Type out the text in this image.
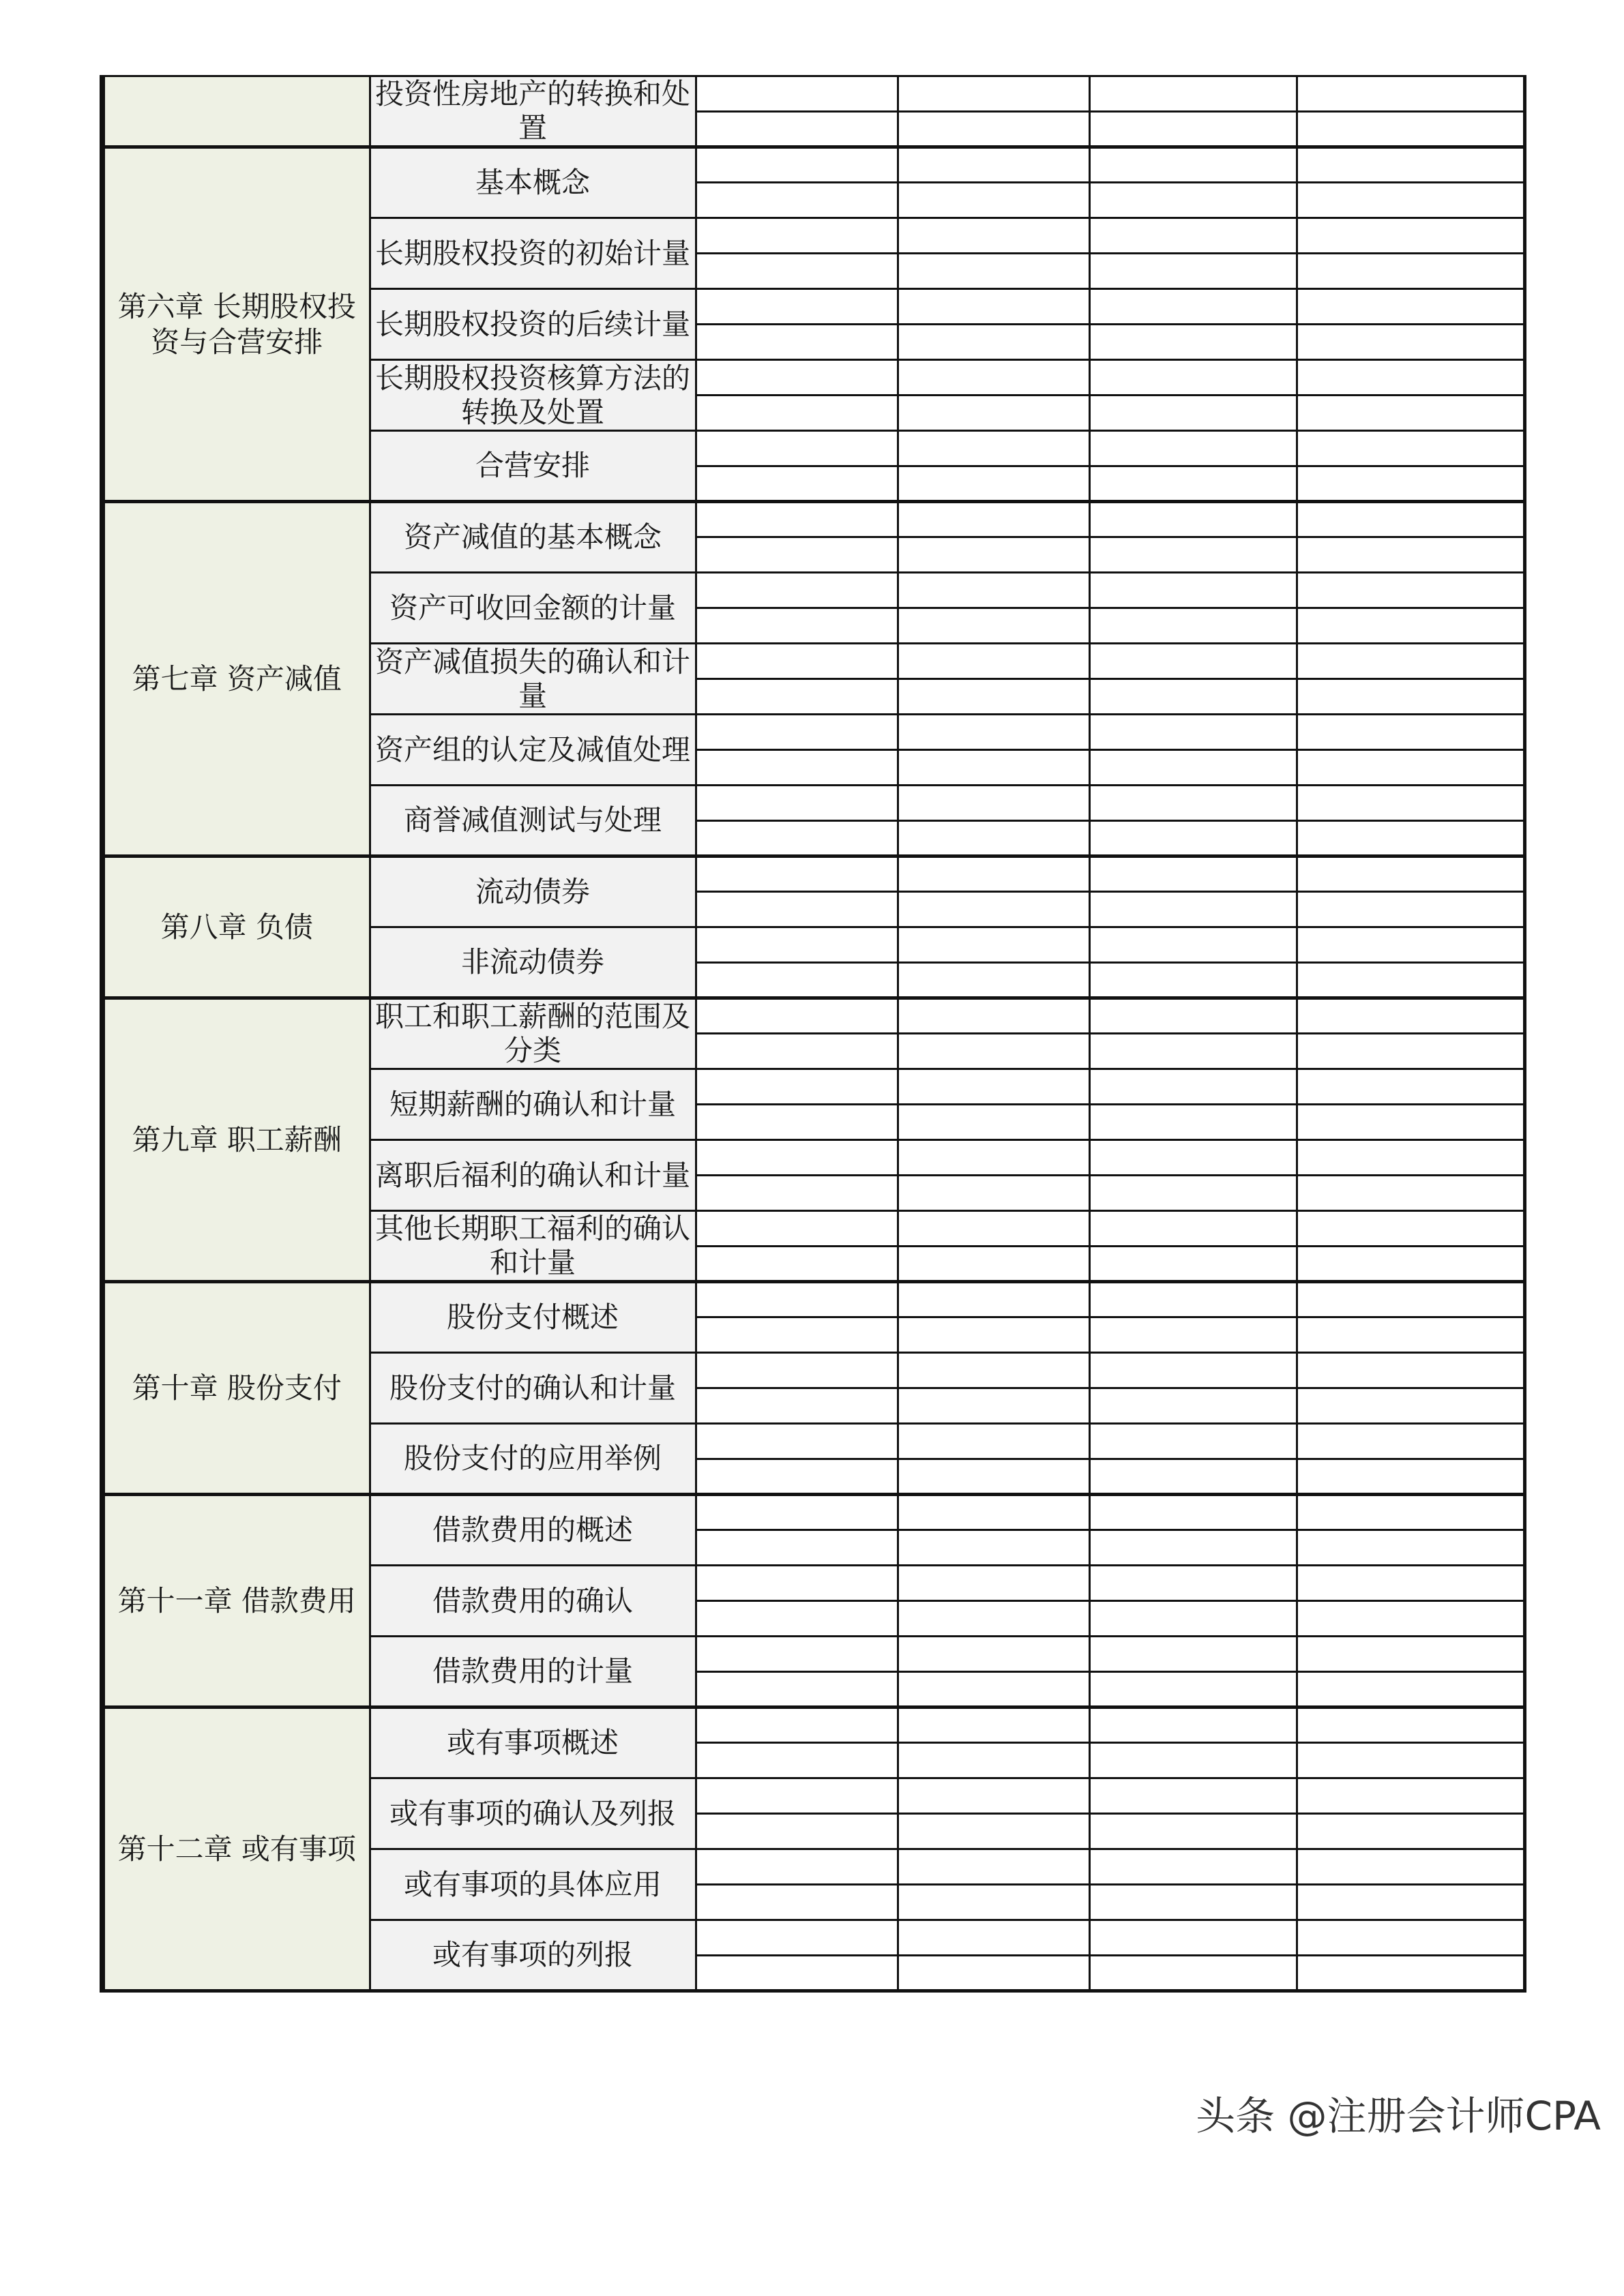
	投资性房地产的转换和处置				

第六章 长期股权投资与合营安排	基本概念				

	长期股权投资的初始计量				

	长期股权投资的后续计量				

	长期股权投资核算方法的转换及处置				

	合营安排				

第七章 资产减值	资产减值的基本概念				

	资产可收回金额的计量				

	资产减值损失的确认和计量				

	资产组的认定及减值处理				

	商誉减值测试与处理				

第八章 负债	流动债券				

	非流动债券				

第九章 职工薪酬	职工和职工薪酬的范围及分类				

	短期薪酬的确认和计量				

	离职后福利的确认和计量				

	其他长期职工福利的确认和计量				

第十章 股份支付	股份支付概述				

	股份支付的确认和计量				

	股份支付的应用举例				

第十一章 借款费用	借款费用的概述				

	借款费用的确认				

	借款费用的计量				

第十二章 或有事项	或有事项概述				

	或有事项的确认及列报				

	或有事项的具体应用				

	或有事项的列报				

头条 @注册会计师CPA
